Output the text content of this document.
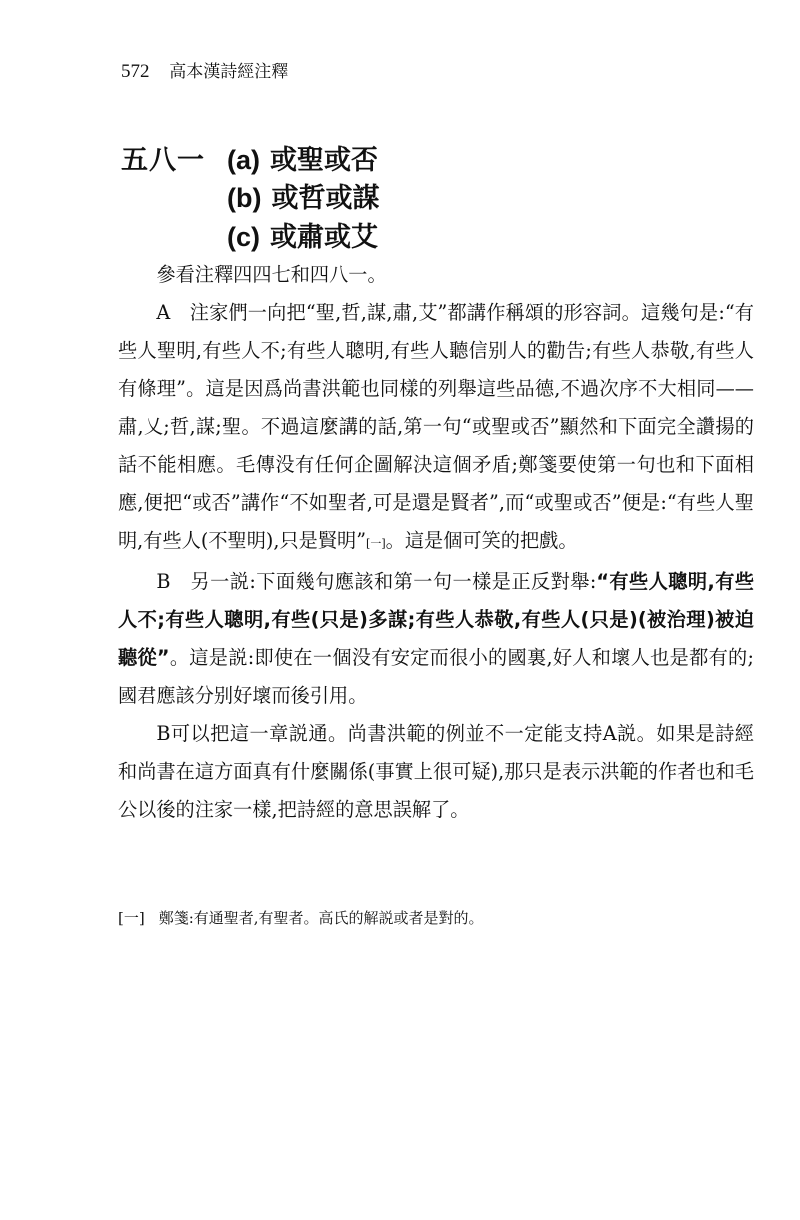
572 高本漢詩經注釋
五八一 (a) 或聖或否
(b) 或哲或謀
(c) 或肅或艾

參看注釋四四七和四八一。

A　注家們一向把“聖,哲,謀,肅,艾”都講作稱頌的形容詞。這幾句是:“有些人聖明,有些人不;有些人聰明,有些人聽信别人的勸告;有些人恭敬,有些人有條理”。這是因爲尚書洪範也同樣的列舉這些品德,不過次序不大相同——肅,乂;哲,謀;聖。不過這麼講的話,第一句“或聖或否”顯然和下面完全讚揚的話不能相應。毛傳没有任何企圖解決這個矛盾;鄭箋要使第一句也和下面相應,便把“或否”講作“不如聖者,可是還是賢者”,而“或聖或否”便是:“有些人聖明,有些人(不聖明),只是賢明”[一]。這是個可笑的把戲。

B　另一説:下面幾句應該和第一句一樣是正反對舉:“有些人聰明,有些人不;有些人聰明,有些(只是)多謀;有些人恭敬,有些人(只是)(被治理)被迫聽從”。這是説:即使在一個没有安定而很小的國裏,好人和壞人也是都有的;國君應該分别好壞而後引用。

B可以把這一章説通。尚書洪範的例並不一定能支持A説。如果是詩經和尚書在這方面真有什麼關係(事實上很可疑),那只是表示洪範的作者也和毛公以後的注家一樣,把詩經的意思誤解了。

[一] 鄭箋:有通聖者,有聖者。高氏的解説或者是對的。
